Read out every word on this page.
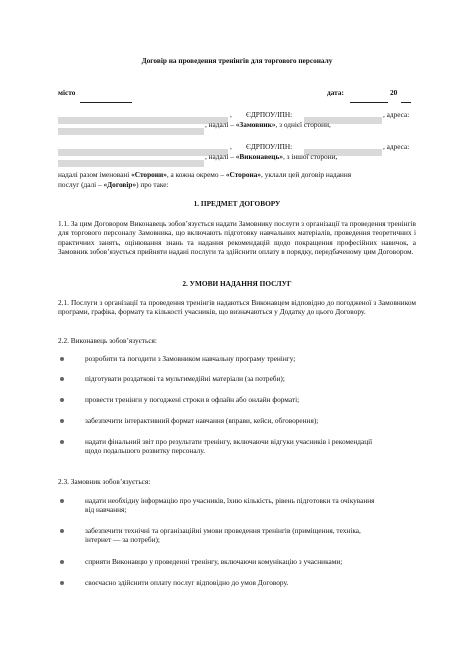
Договір на проведення тренінгів для торгового персоналу
місто	дата:	20
, ЄДРПОУ/ІПН:	, адреса:
, надалі – «Замовник», з однієї сторони,
, ЄДРПОУ/ІПН:	, адреса:
, надалі – «Виконавець», з іншої сторони,
надалі разом іменовані «Сторони», а кожна окремо – «Сторона», уклали цей договір надання
послуг (далі – «Договір») про таке:
1. ПРЕДМЕТ ДОГОВОРУ
1.1. За цим Договором Виконавець зобов’язується надати Замовнику послуги з організації та проведення тренінгів для торгового персоналу Замовника, що включають підготовку навчальних матеріалів, проведення теоретичних і практичних занять, оцінювання знань та надання рекомендацій щодо покращення професійних навичок, а Замовник зобов’язується прийняти надані послуги та здійснити оплату в порядку, передбаченому цим Договором.
2. УМОВИ НАДАННЯ ПОСЛУГ
2.1. Послуги з організації та проведення тренінгів надаються Виконавцем відповідно до погодженої з Замовником програми, графіка, формату та кількості учасників, що визначаються у Додатку до цього Договору.
2.2. Виконавець зобов’язується:
розробити та погодити з Замовником навчальну програму тренінгу;
підготувати роздаткові та мультимедійні матеріали (за потреби);
провести тренінги у погоджені строки в офлайн або онлайн форматі;
забезпечити інтерактивний формат навчання (вправи, кейси, обговорення);
надати фінальний звіт про результати тренінгу, включаючи відгуки учасників і рекомендації щодо подальшого розвитку персоналу.
2.3. Замовник зобов’язується:
надати необхідну інформацію про учасників, їхню кількість, рівень підготовки та очікування від навчання;
забезпечити технічні та організаційні умови проведення тренінгів (приміщення, техніка, інтернет — за потреби);
сприяти Виконавцю у проведенні тренінгу, включаючи комунікацію з учасниками;
своєчасно здійснити оплату послуг відповідно до умов Договору.
